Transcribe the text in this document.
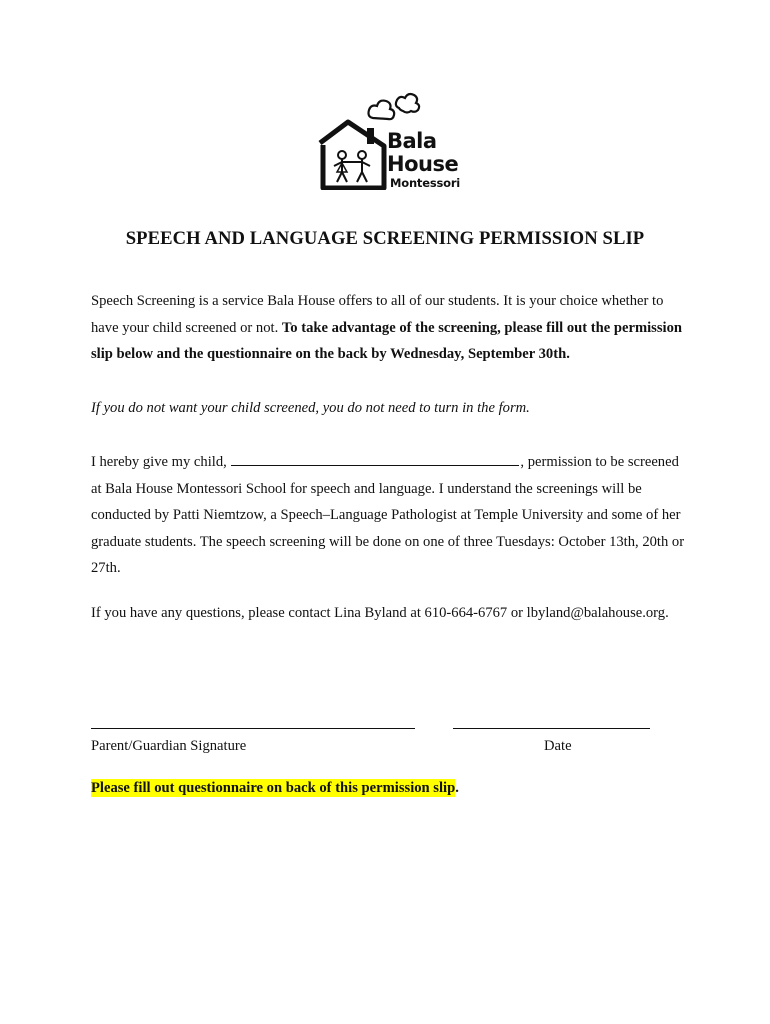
Bala
House
Montessori
SPEECH AND LANGUAGE SCREENING PERMISSION SLIP
Speech Screening is a service Bala House offers to all of our students. It is your choice whether to have your child screened or not. To take advantage of the screening, please fill out the permission slip below and the questionnaire on the back by Wednesday, September 30th.
If you do not want your child screened, you do not need to turn in the form.
I hereby give my child,	, permission to be screened at Bala House Montessori School for speech and language. I understand the screenings will be conducted by Patti Niemtzow, a Speech–Language Pathologist at Temple University and some of her graduate students. The speech screening will be done on one of three Tuesdays: October 13th, 20th or 27th.
If you have any questions, please contact Lina Byland at 610-664-6767 or lbyland@balahouse.org.
Parent/Guardian Signature	Date
Please fill out questionnaire on back of this permission slip.
